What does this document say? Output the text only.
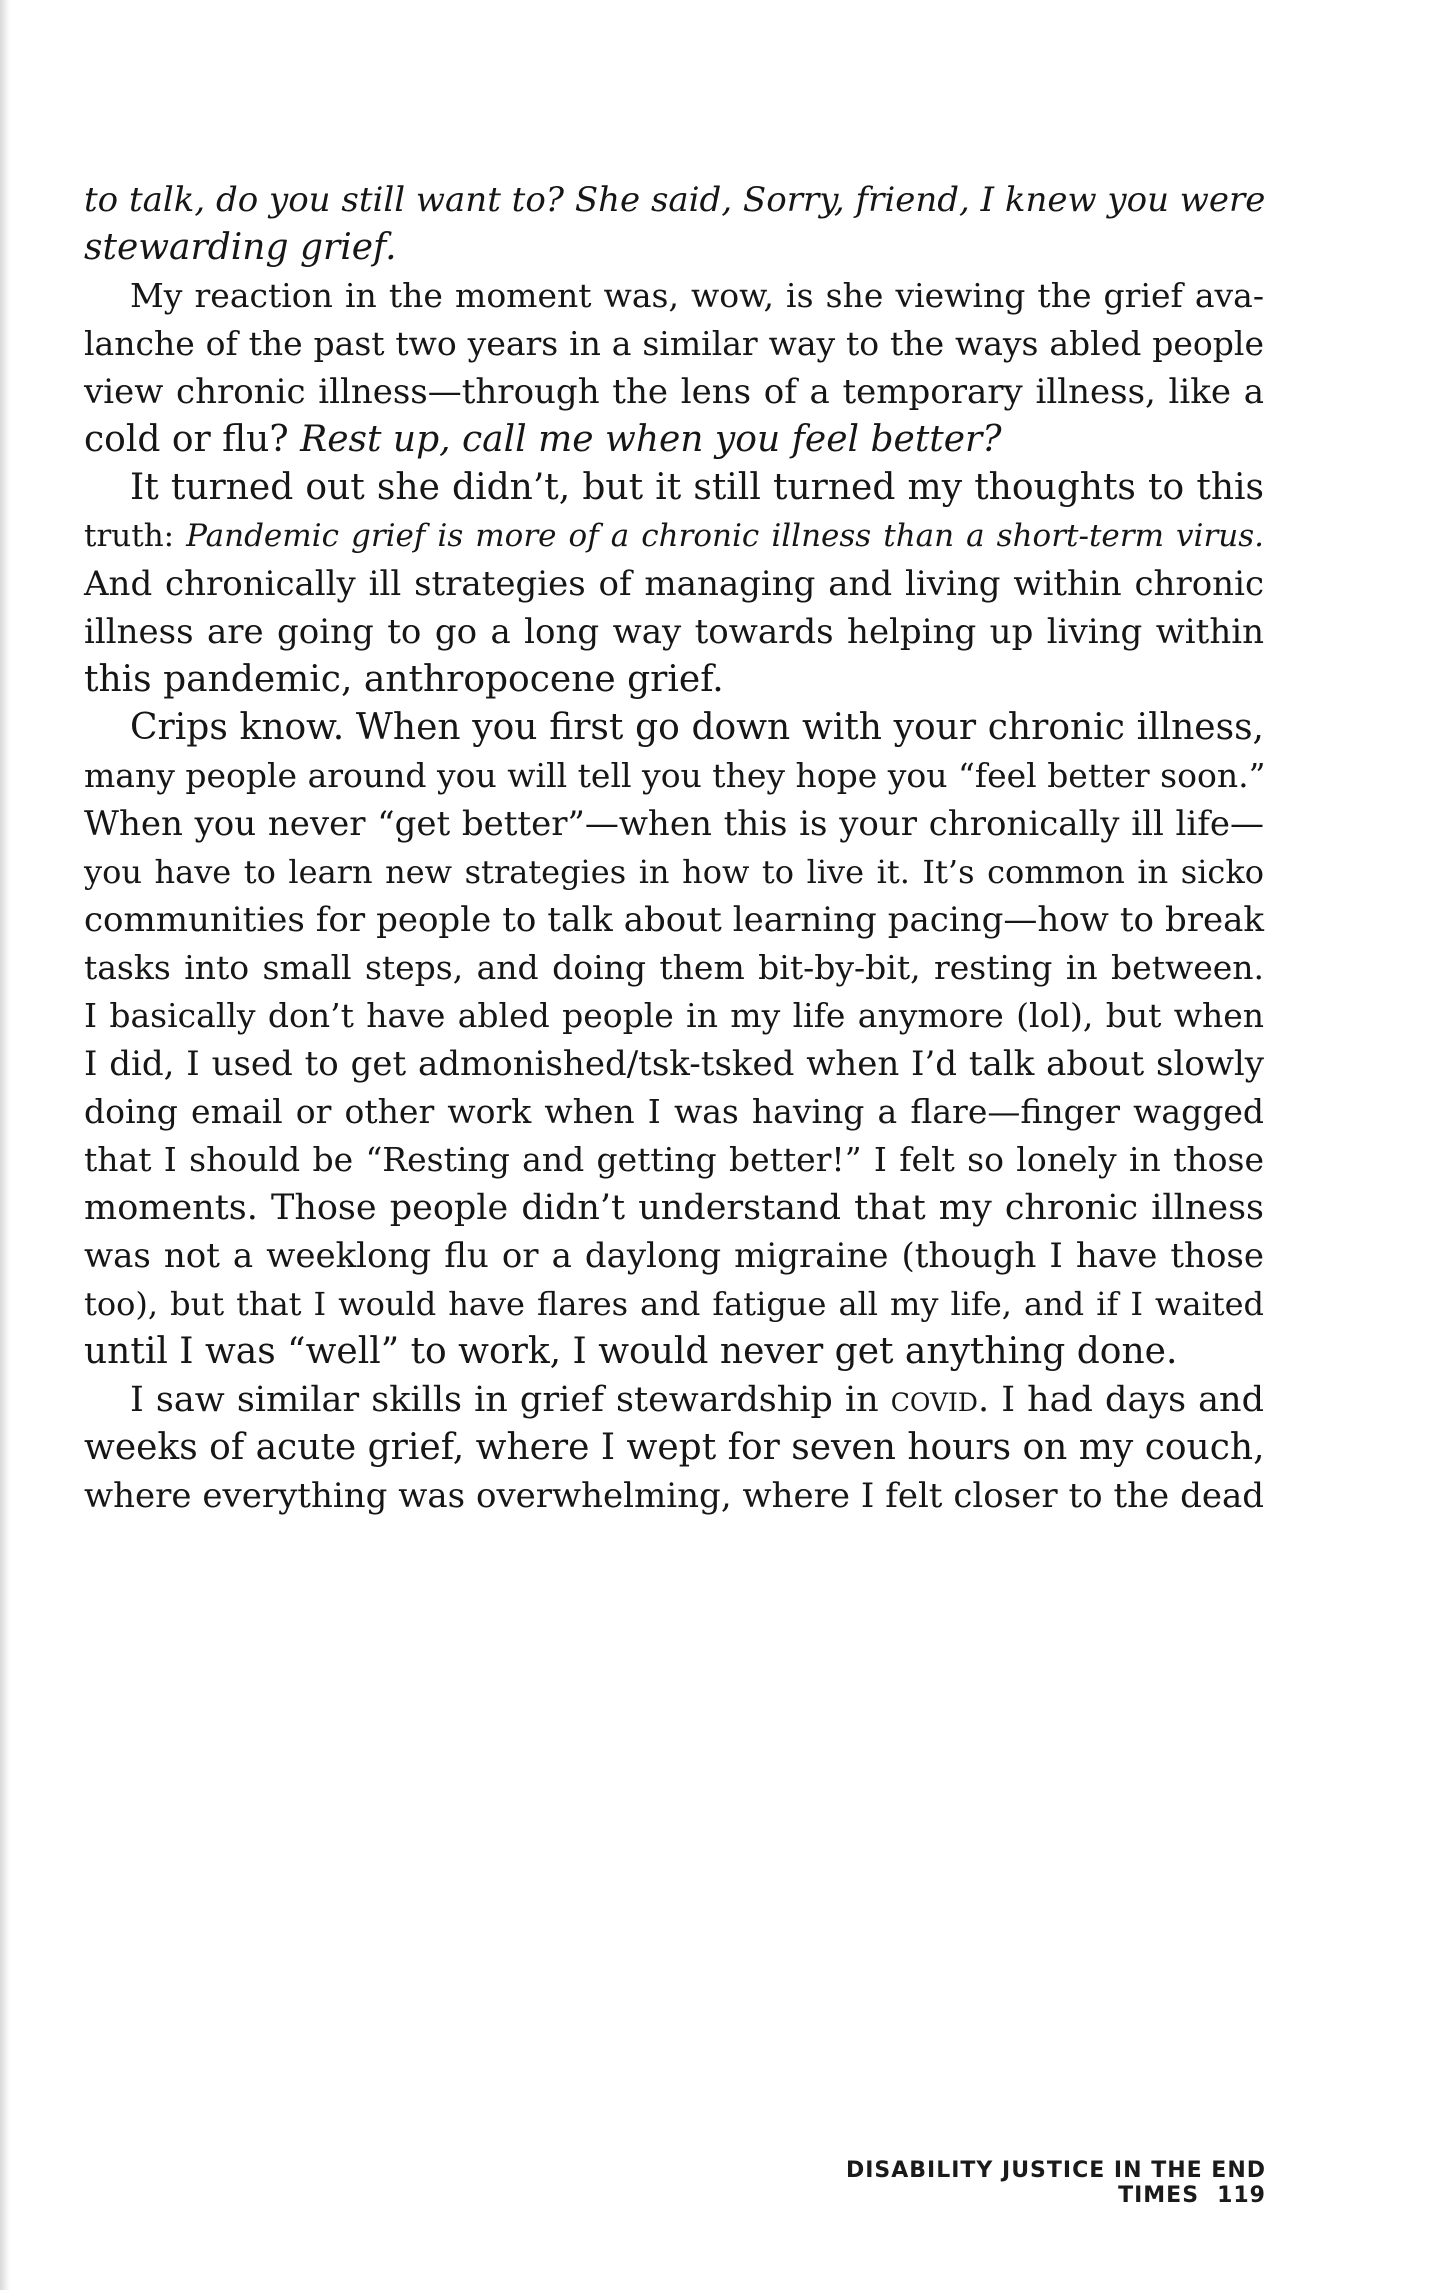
to talk, do you still want to? She said, Sorry, friend, I knew you were
stewarding grief.
My reaction in the moment was, wow, is she viewing the grief ava-
lanche of the past two years in a similar way to the ways abled people
view chronic illness—through the lens of a temporary illness, like a
cold or flu? Rest up, call me when you feel better?
It turned out she didn’t, but it still turned my thoughts to this
truth: Pandemic grief is more of a chronic illness than a short-term virus.
And chronically ill strategies of managing and living within chronic
illness are going to go a long way towards helping up living within
this pandemic, anthropocene grief.
Crips know. When you first go down with your chronic illness,
many people around you will tell you they hope you “feel better soon.”
When you never “get better”—when this is your chronically ill life—
you have to learn new strategies in how to live it. It’s common in sicko
communities for people to talk about learning pacing—how to break
tasks into small steps, and doing them bit-by-bit, resting in between.
I basically don’t have abled people in my life anymore (lol), but when
I did, I used to get admonished/tsk-tsked when I’d talk about slowly
doing email or other work when I was having a flare—finger wagged
that I should be “Resting and getting better!” I felt so lonely in those
moments. Those people didn’t understand that my chronic illness
was not a weeklong flu or a daylong migraine (though I have those
too), but that I would have flares and fatigue all my life, and if I waited
until I was “well” to work, I would never get anything done.
I saw similar skills in grief stewardship in covid. I had days and
weeks of acute grief, where I wept for seven hours on my couch,
where everything was overwhelming, where I felt closer to the dead
DISABILITY JUSTICE IN THE END TIMES 119
